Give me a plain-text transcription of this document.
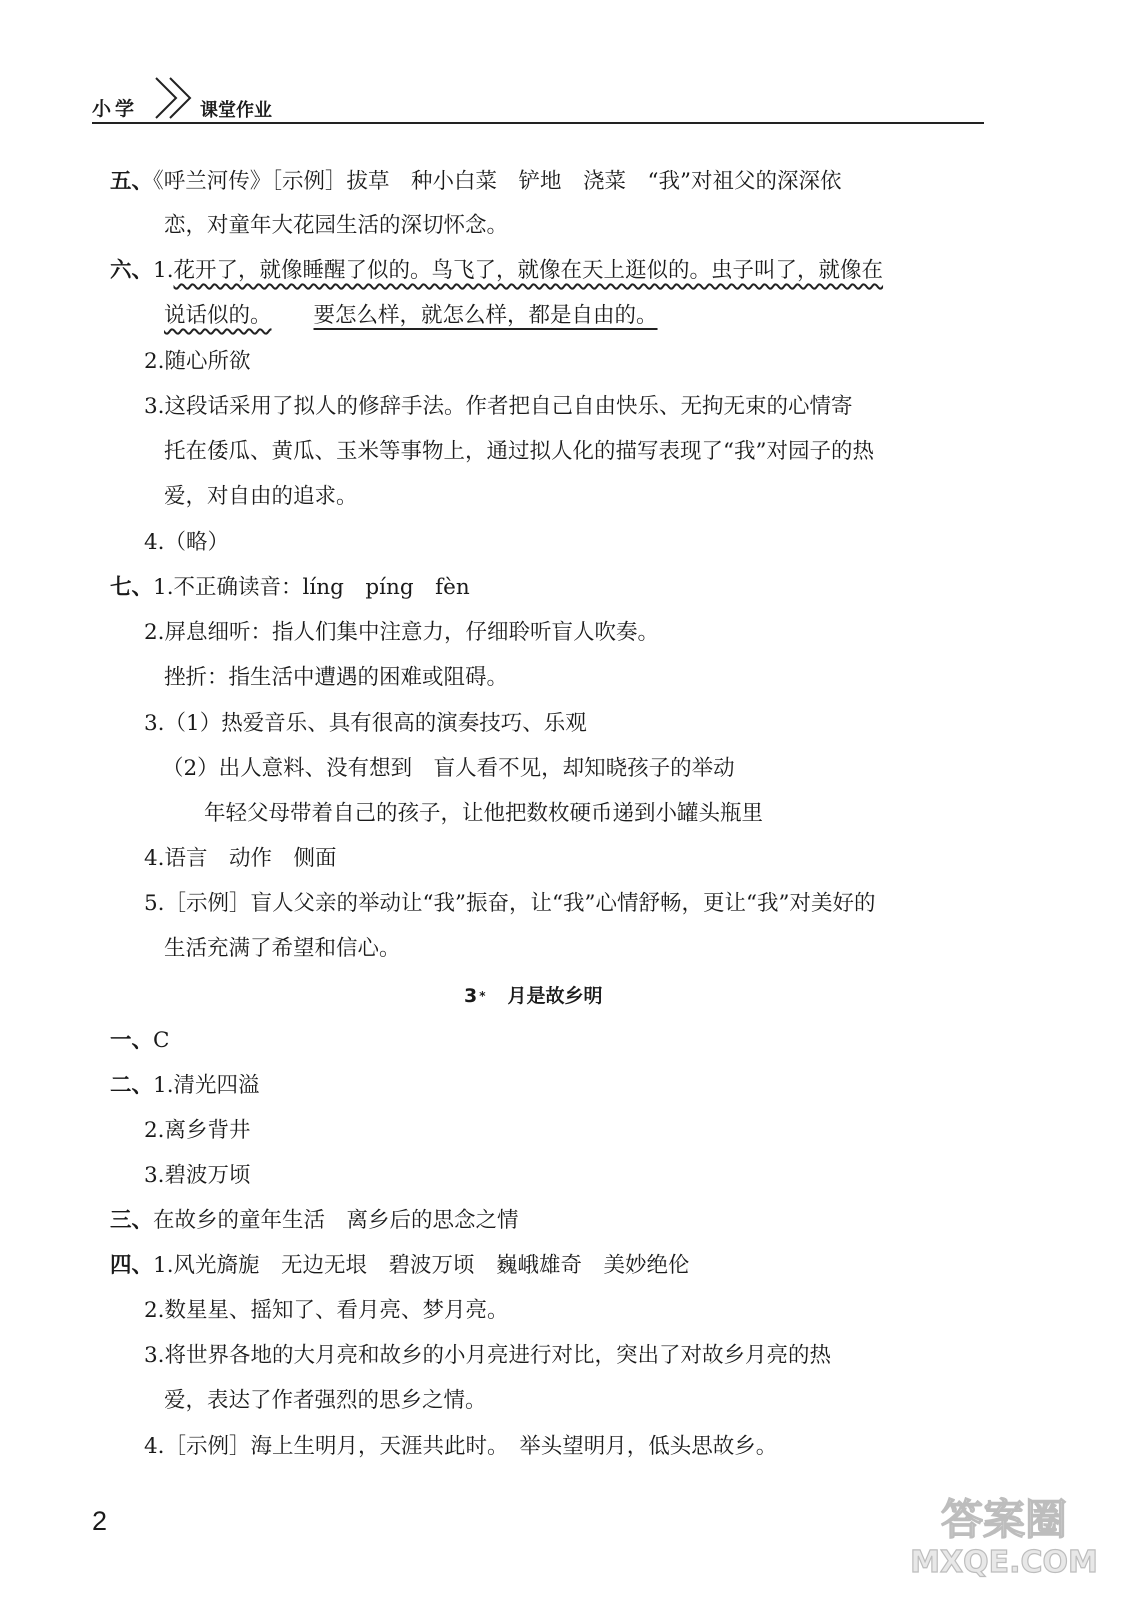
小学	课堂作业
五、《呼兰河传》［示例］拔草　种小白菜　铲地　浇菜　“我”对祖父的深深依
恋，对童年大花园生活的深切怀念。
六、1.花开了，就像睡醒了似的。鸟飞了，就像在天上逛似的。虫子叫了，就像在
说话似的。 要怎么样，就怎么样，都是自由的。
2.随心所欲
3.这段话采用了拟人的修辞手法。作者把自己自由快乐、无拘无束的心情寄
托在倭瓜、黄瓜、玉米等事物上，通过拟人化的描写表现了“我”对园子的热
爱，对自由的追求。
4.（略）
七、1.不正确读音：líng　píng　fèn
2.屏息细听：指人们集中注意力，仔细聆听盲人吹奏。
挫折：指生活中遭遇的困难或阻碍。
3.（1）热爱音乐、具有很高的演奏技巧、乐观
（2）出人意料、没有想到　盲人看不见，却知晓孩子的举动
年轻父母带着自己的孩子，让他把数枚硬币递到小罐头瓶里
4.语言　动作　侧面
5.［示例］盲人父亲的举动让“我”振奋，让“我”心情舒畅，更让“我”对美好的
生活充满了希望和信心。
3 * 月是故乡明
一、C
二、1.清光四溢
2.离乡背井
3.碧波万顷
三、在故乡的童年生活　离乡后的思念之情
四、1.风光旖旎　无边无垠　碧波万顷　巍峨雄奇　美妙绝伦
2.数星星、摇知了、看月亮、梦月亮。
3.将世界各地的大月亮和故乡的小月亮进行对比，突出了对故乡月亮的热
爱，表达了作者强烈的思乡之情。
4.［示例］海上生明月，天涯共此时。　举头望明月，低头思故乡。
2	答案圈
MXQE.COM
